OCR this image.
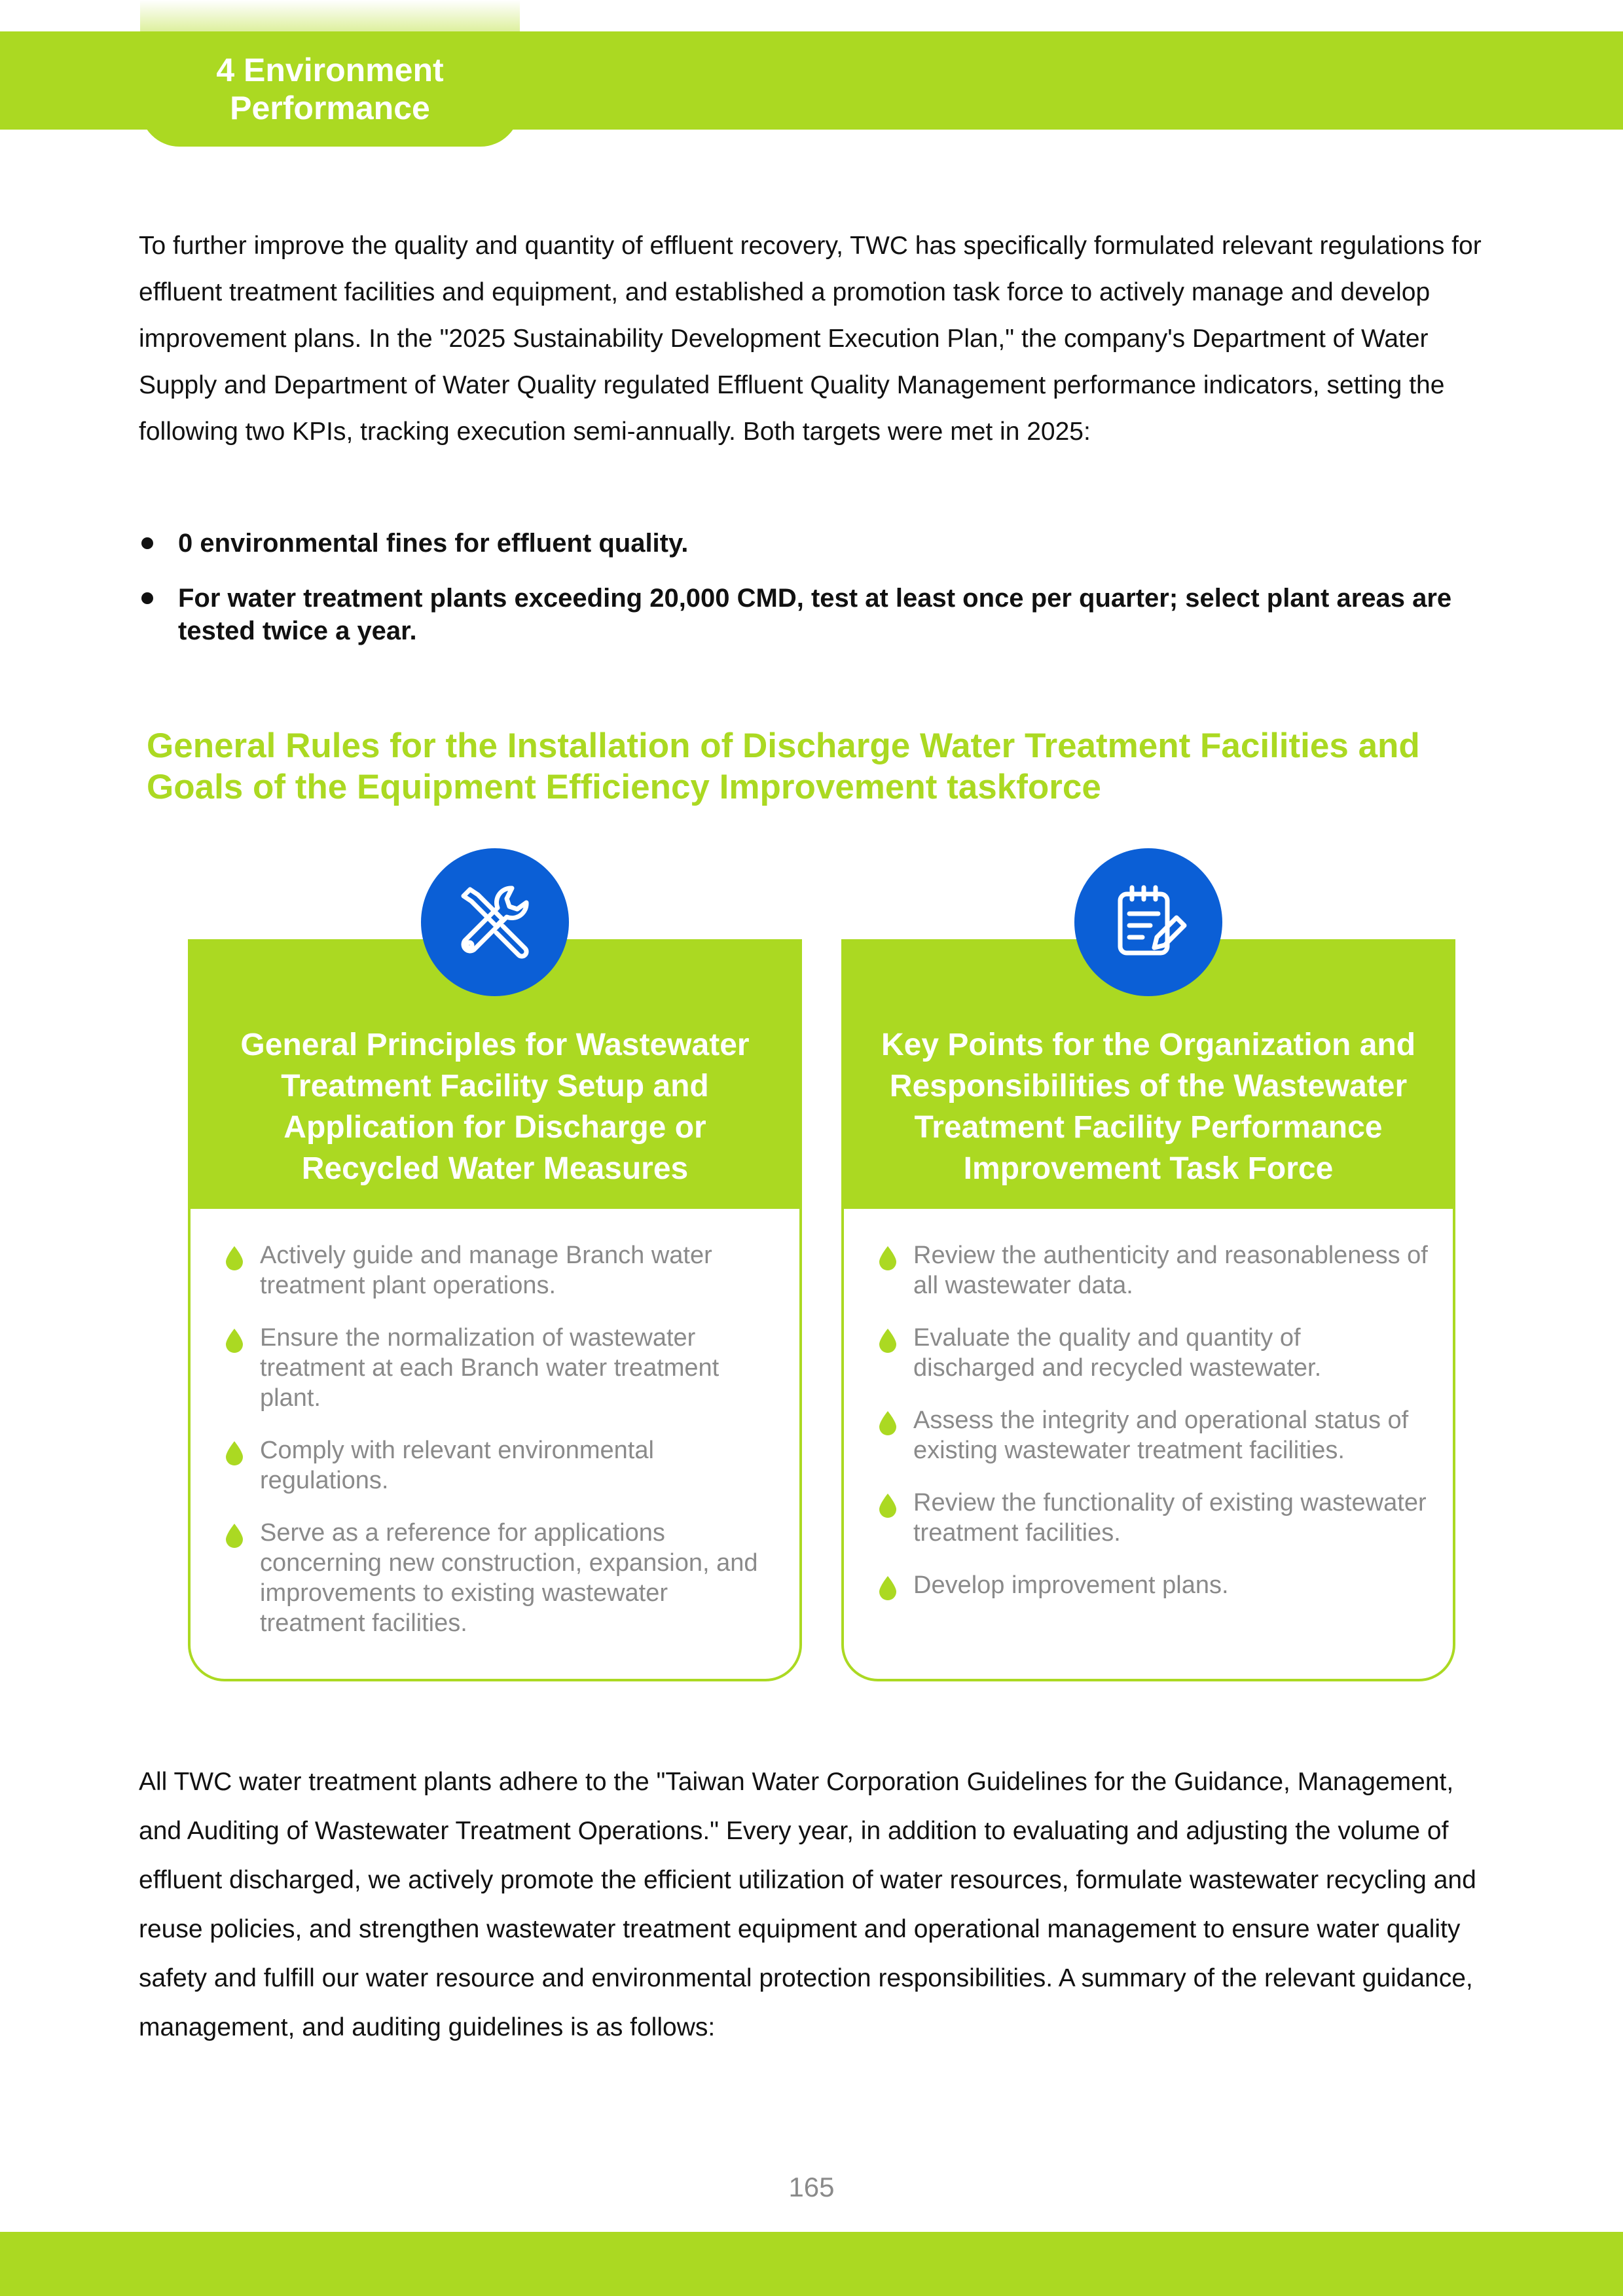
4 Environment
Performance

To further improve the quality and quantity of effluent recovery, TWC has specifically formulated relevant regulations for effluent treatment facilities and equipment, and established a promotion task force to actively manage and develop improvement plans. In the "2025 Sustainability Development Execution Plan," the company's Department of Water Supply and Department of Water Quality regulated Effluent Quality Management performance indicators, setting the following two KPIs, tracking execution semi-annually. Both targets were met in 2025:

0 environmental fines for effluent quality.
For water treatment plants exceeding 20,000 CMD, test at least once per quarter; select plant areas are tested twice a year.
General Rules for the Installation of Discharge Water Treatment Facilities and Goals of the Equipment Efficiency Improvement taskforce
General Principles for Wastewater Treatment Facility Setup and Application for Discharge or Recycled Water Measures
Actively guide and manage Branch water treatment plant operations.
Ensure the normalization of wastewater treatment at each Branch water treatment plant.
Comply with relevant environmental regulations.
Serve as a reference for applications concerning new construction, expansion, and improvements to existing wastewater treatment facilities.
Key Points for the Organization and Responsibilities of the Wastewater Treatment Facility Performance Improvement Task Force
Review the authenticity and reasonableness of all wastewater data.
Evaluate the quality and quantity of discharged and recycled wastewater.
Assess the integrity and operational status of existing wastewater treatment facilities.
Review the functionality of existing wastewater treatment facilities.
Develop improvement plans.

All TWC water treatment plants adhere to the "Taiwan Water Corporation Guidelines for the Guidance, Management, and Auditing of Wastewater Treatment Operations." Every year, in addition to evaluating and adjusting the volume of effluent discharged, we actively promote the efficient utilization of water resources, formulate wastewater recycling and reuse policies, and strengthen wastewater treatment equipment and operational management to ensure water quality safety and fulfill our water resource and environmental protection responsibilities. A summary of the relevant guidance, management, and auditing guidelines is as follows:

165
